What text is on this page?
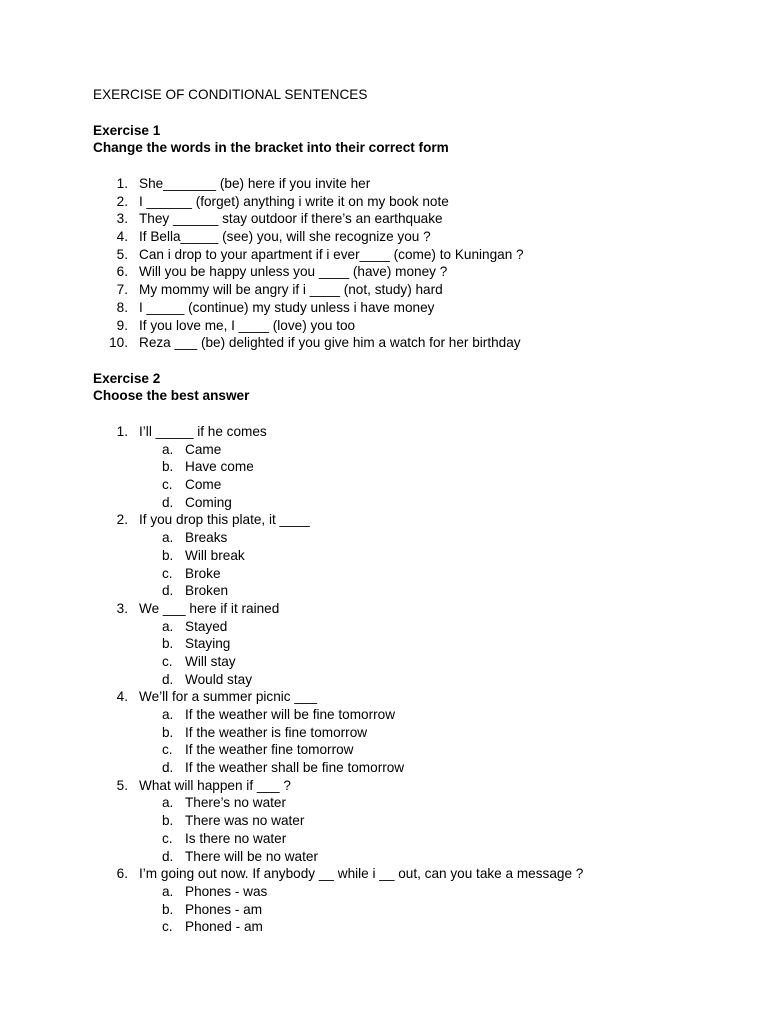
EXERCISE OF CONDITIONAL SENTENCES
Exercise 1
Change the words in the bracket into their correct form
1. She_______ (be) here if you invite her
2. I ______ (forget) anything i write it on my book note
3. They ______ stay outdoor if there’s an earthquake
4. If Bella_____ (see) you, will she recognize you ?
5. Can i drop to your apartment if i ever____ (come) to Kuningan ?
6. Will you be happy unless you ____ (have) money ?
7. My mommy will be angry if i ____ (not, study) hard
8. I _____ (continue) my study unless i have money
9. If you love me, I ____ (love) you too
10. Reza ___ (be) delighted if you give him a watch for her birthday
Exercise 2
Choose the best answer
1. I’ll _____ if he comes
a. Came
b. Have come
c. Come
d. Coming
2. If you drop this plate, it ____
a. Breaks
b. Will break
c. Broke
d. Broken
3. We ___ here if it rained
a. Stayed
b. Staying
c. Will stay
d. Would stay
4. We’ll for a summer picnic ___
a. If the weather will be fine tomorrow
b. If the weather is fine tomorrow
c. If the weather fine tomorrow
d. If the weather shall be fine tomorrow
5. What will happen if ___ ?
a. There’s no water
b. There was no water
c. Is there no water
d. There will be no water
6. I’m going out now. If anybody __ while i __ out, can you take a message ?
a. Phones - was
b. Phones - am
c. Phoned - am
